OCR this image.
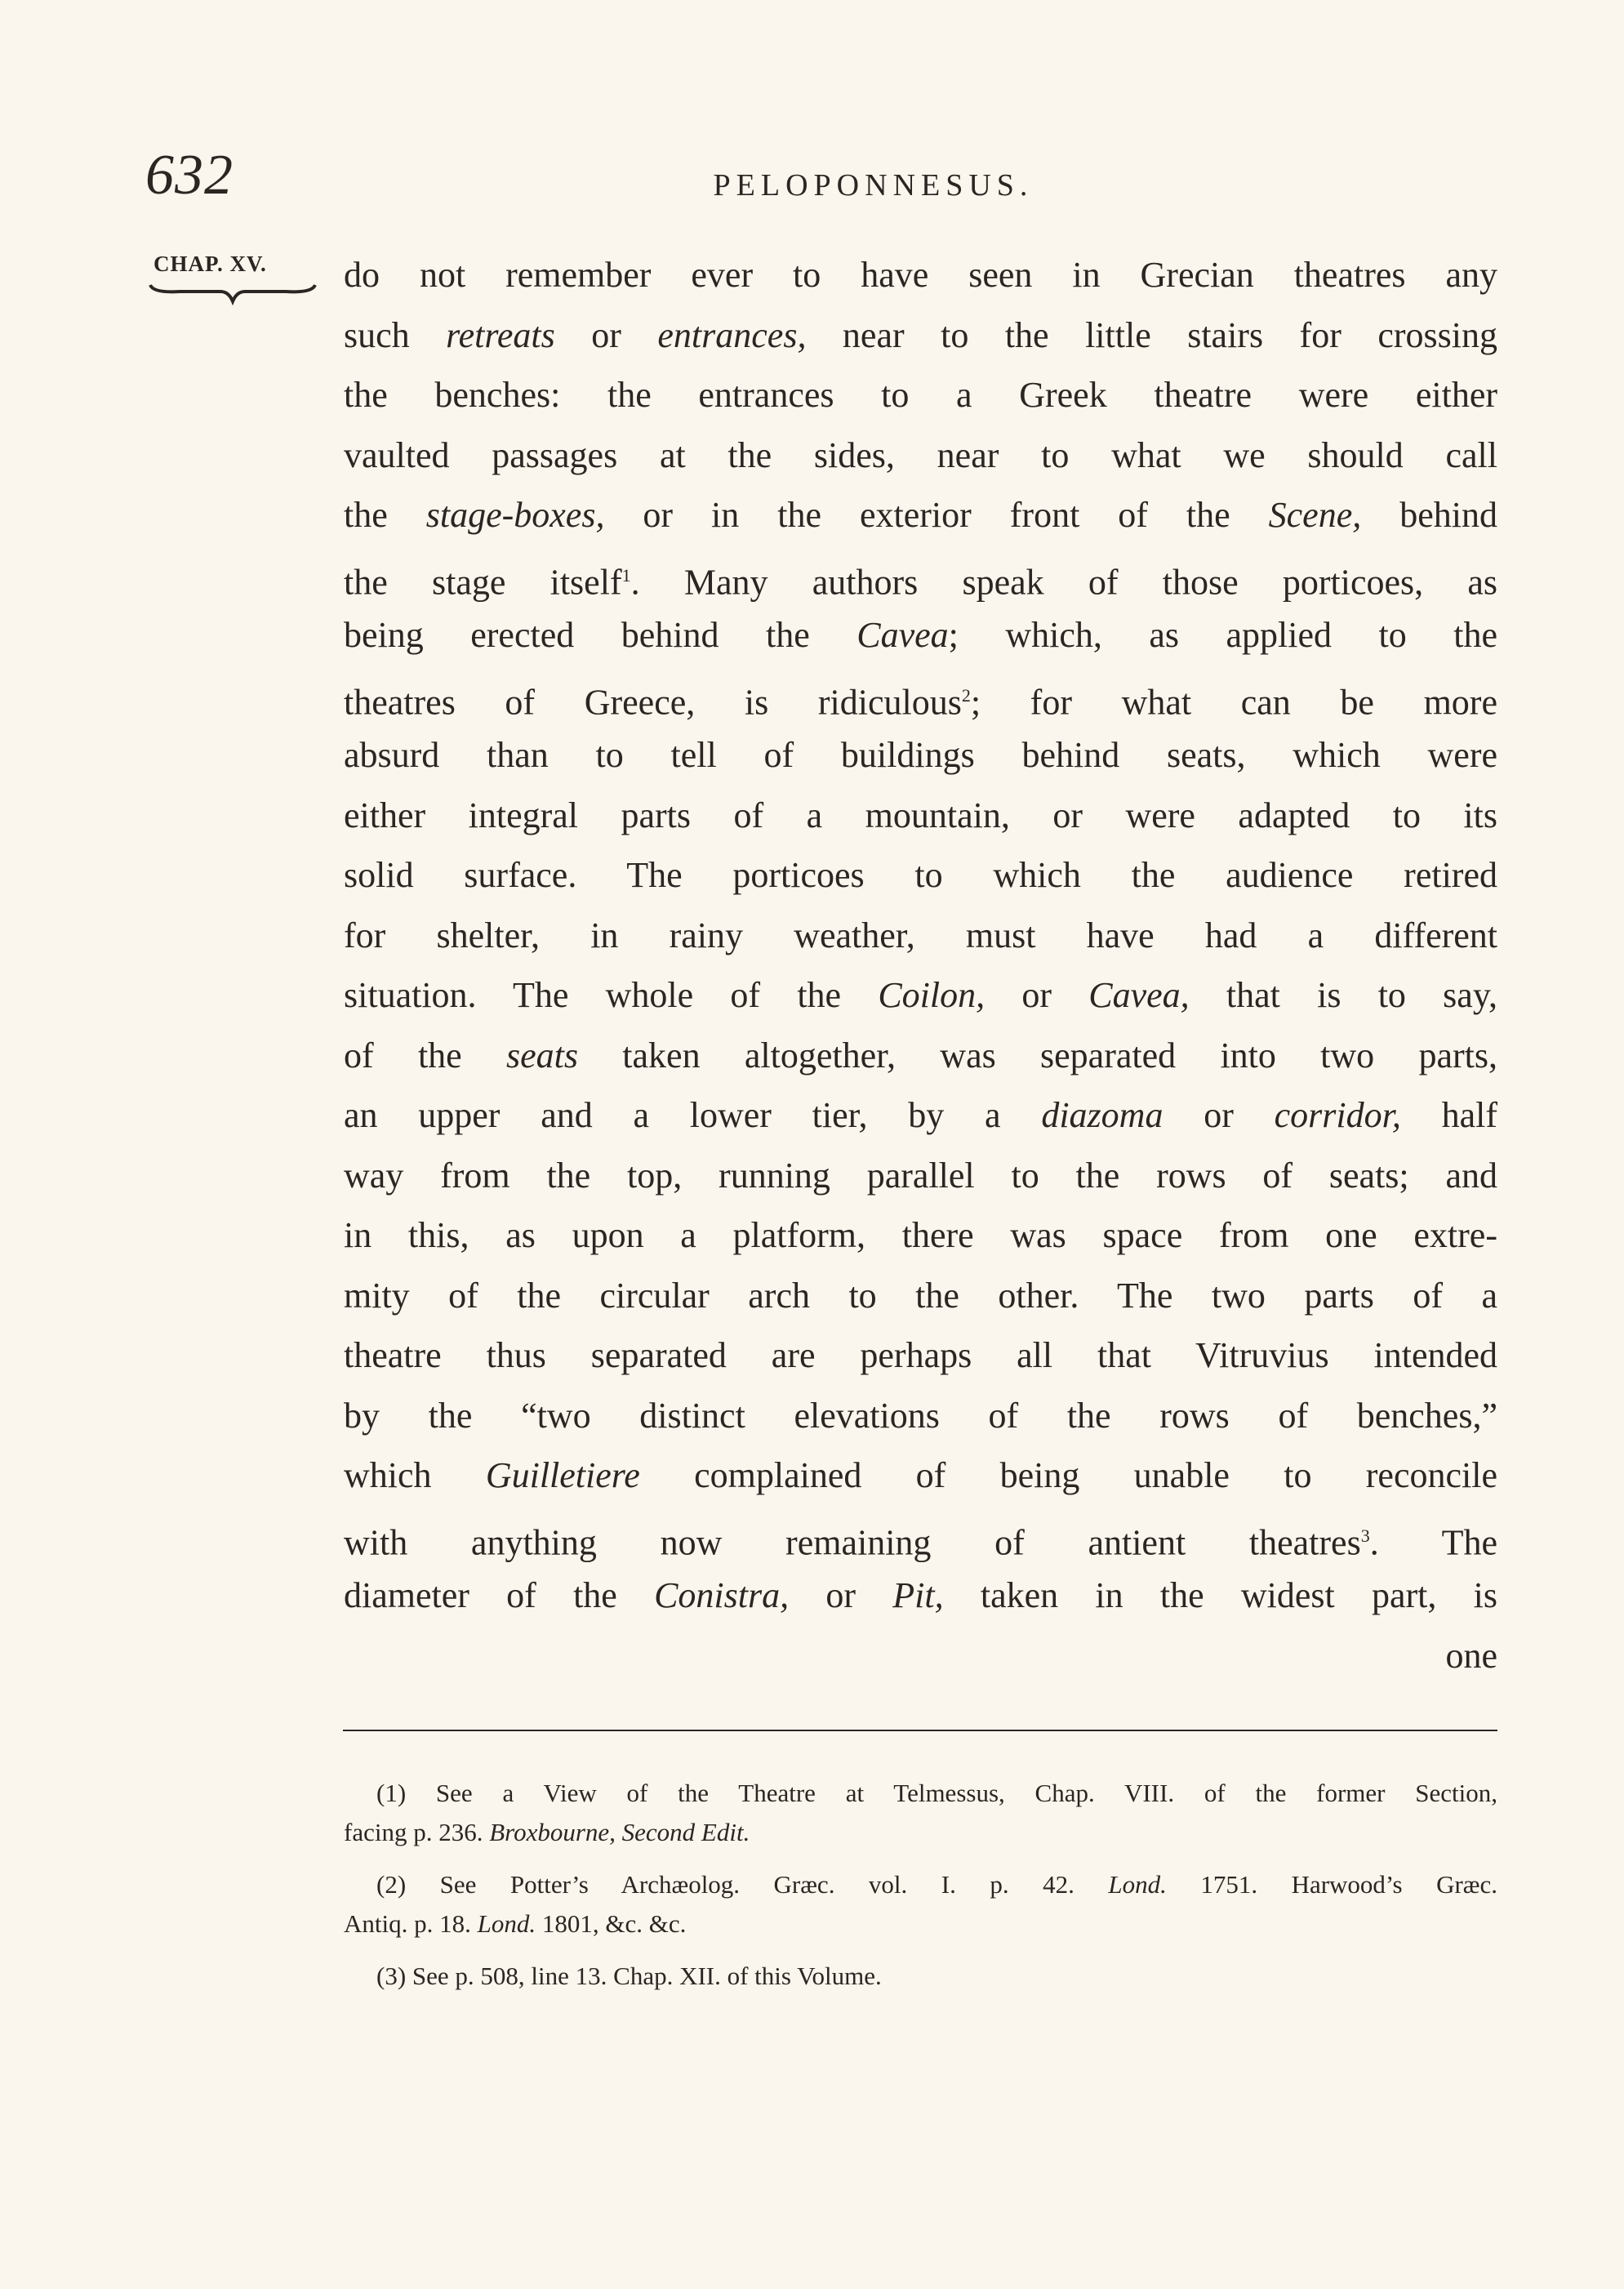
632	PELOPONNESUS.
CHAP. XV. do not remember ever to have seen in Grecian theatres any
such retreats or entrances, near to the little stairs for crossing
the benches: the entrances to a Greek theatre were either
vaulted passages at the sides, near to what we should call
the stage-boxes, or in the exterior front of the Scene, behind
the stage itself$^1$. Many authors speak of those porticoes, as
being erected behind the Cavea; which, as applied to the
theatres of Greece, is ridiculous$^2$; for what can be more
absurd than to tell of buildings behind seats, which were
either integral parts of a mountain, or were adapted to its
solid surface. The porticoes to which the audience retired
for shelter, in rainy weather, must have had a different
situation. The whole of the Coilon, or Cavea, that is to say,
of the seats taken altogether, was separated into two parts,
an upper and a lower tier, by a diazoma or corridor, half
way from the top, running parallel to the rows of seats; and
in this, as upon a platform, there was space from one extre-
mity of the circular arch to the other. The two parts of a
theatre thus separated are perhaps all that Vitruvius intended
by the “two distinct elevations of the rows of benches,”
which Guilletiere complained of being unable to reconcile
with anything now remaining of antient theatres$^3$. The
diameter of the Conistra, or Pit, taken in the widest part, is
one
(1) See a View of the Theatre at Telmessus, Chap. VIII. of the former Section,
facing p. 236. Broxbourne, Second Edit.
(2) See Potter’s Archæolog. Græc. vol. I. p. 42. Lond. 1751. Harwood’s Græc.
Antiq. p. 18. Lond. 1801, &c. &c.
(3) See p. 508, line 13. Chap. XII. of this Volume.
